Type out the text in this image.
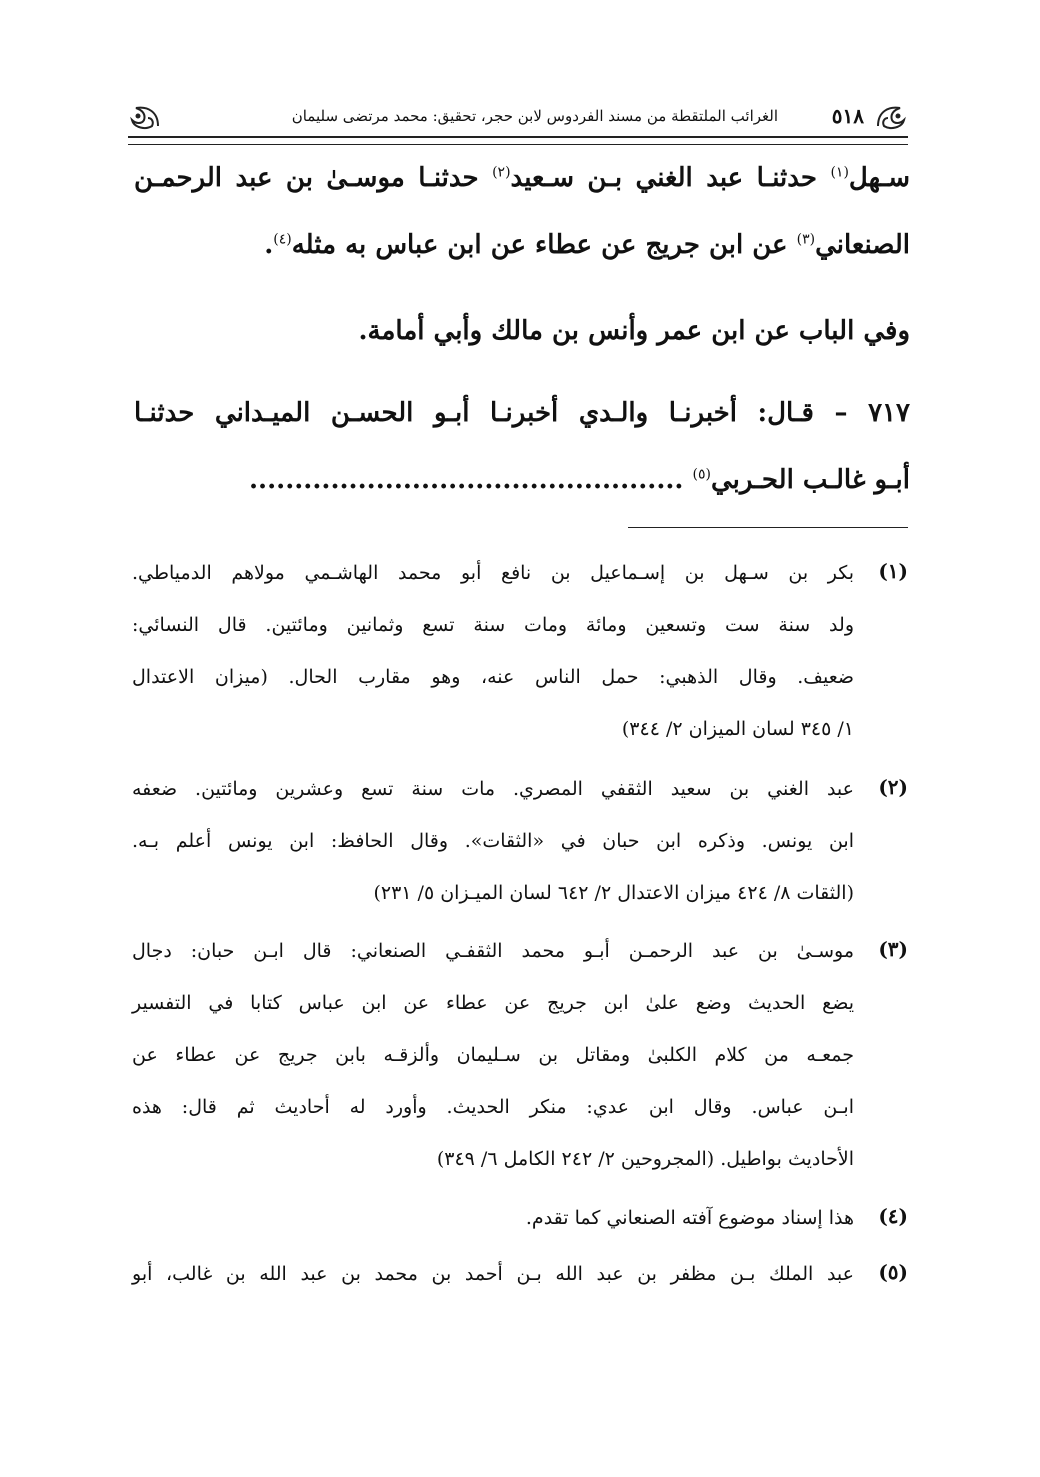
٥١٨
الغرائب الملتقطة من مسند الفردوس لابن حجر، تحقيق: محمد مرتضى سليمان
سـهل$^{(١)}$ حدثنـا عبد الغني بـن سـعيد$^{(٢)}$ حدثنـا موسـىٰ بن عبد الرحمـن
الصنعاني$^{(٣)}$ عن ابن جريج عن عطاء عن ابن عباس به مثله$^{(٤)}$.
وفي الباب عن ابن عمر وأنس بن مالك وأبي أمامة.
٧١٧ – قـال: أخبرنـا والـدي أخبرنـا أبـو الحسـن الميـداني حدثنـا
أبـو غالـب الحـربي$^{(٥)}$ ................................................
(١)
بكر بن سـهل بن إسـماعيل بن نافع أبو محمد الهاشـمي مولاهم الدمياطي.
ولد سنة ست وتسعين ومائة ومات سنة تسع وثمانين ومائتين. قال النسائي:
ضعيف. وقال الذهبي: حمل الناس عنه، وهو مقارب الحال. (ميزان الاعتدال
١/ ٣٤٥ لسان الميزان ٢/ ٣٤٤)
(٢)
عبد الغني بن سعيد الثقفي المصري. مات سنة تسع وعشرين ومائتين. ضعفه
ابن يونس. وذكره ابن حبان في «الثقات». وقال الحافظ: ابن يونس أعلم بـه.
(الثقات ٨/ ٤٢٤ ميزان الاعتدال ٢/ ٦٤٢ لسان الميـزان ٥/ ٢٣١)
(٣)
موسـىٰ بن عبد الرحمـن أبـو محمد الثقفـي الصنعاني: قال ابـن حبان: دجال
يضع الحديث وضع علىٰ ابن جريج عن عطاء عن ابن عباس كتابا في التفسير
جمعـه من كلام الكلبىٰ ومقاتل بن سـليمان وألزقـه بابن جريج عن عطاء عن
ابـن عباس. وقال ابن عدي: منكر الحديث. وأورد له أحاديث ثم قال: هذه
الأحاديث بواطيل. (المجروحين ٢/ ٢٤٢ الكامل ٦/ ٣٤٩)
(٤)
هذا إسناد موضوع آفته الصنعاني كما تقدم.
(٥)
عبد الملك بـن مظفر بن عبد الله بـن أحمد بن محمد بن عبد الله بن غالب، أبو
